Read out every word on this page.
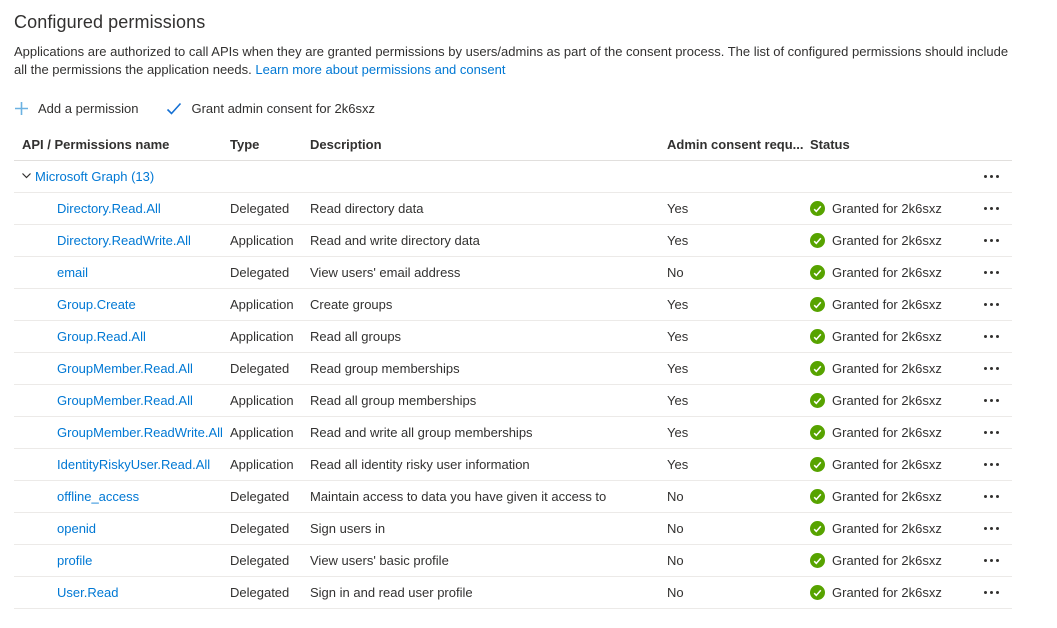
Configured permissions

Applications are authorized to call APIs when they are granted permissions by users/admins as part of the consent process. The list of configured permissions should include all the permissions the application needs. Learn more about permissions and consent

Add a permission	Grant admin consent for 2k6sxz
API / Permissions name	Type	Description	Admin consent requ... Status
Microsoft Graph (13)
Directory.Read.All	Delegated	Read directory data	Yes	Granted for 2k6sxz
Directory.ReadWrite.All	Application	Read and write directory data	Yes	Granted for 2k6sxz
email	Delegated	View users' email address	No	Granted for 2k6sxz
Group.Create	Application	Create groups	Yes	Granted for 2k6sxz
Group.Read.All	Application	Read all groups	Yes	Granted for 2k6sxz
GroupMember.Read.All	Delegated	Read group memberships	Yes	Granted for 2k6sxz
GroupMember.Read.All	Application	Read all group memberships	Yes	Granted for 2k6sxz
GroupMember.ReadWrite.All Application	Read and write all group memberships	Yes	Granted for 2k6sxz
IdentityRiskyUser.Read.All	Application	Read all identity risky user information	Yes	Granted for 2k6sxz
offline_access	Delegated	Maintain access to data you have given it access to	No	Granted for 2k6sxz
openid	Delegated	Sign users in	No	Granted for 2k6sxz
profile	Delegated	View users' basic profile	No	Granted for 2k6sxz
User.Read	Delegated	Sign in and read user profile	No	Granted for 2k6sxz
